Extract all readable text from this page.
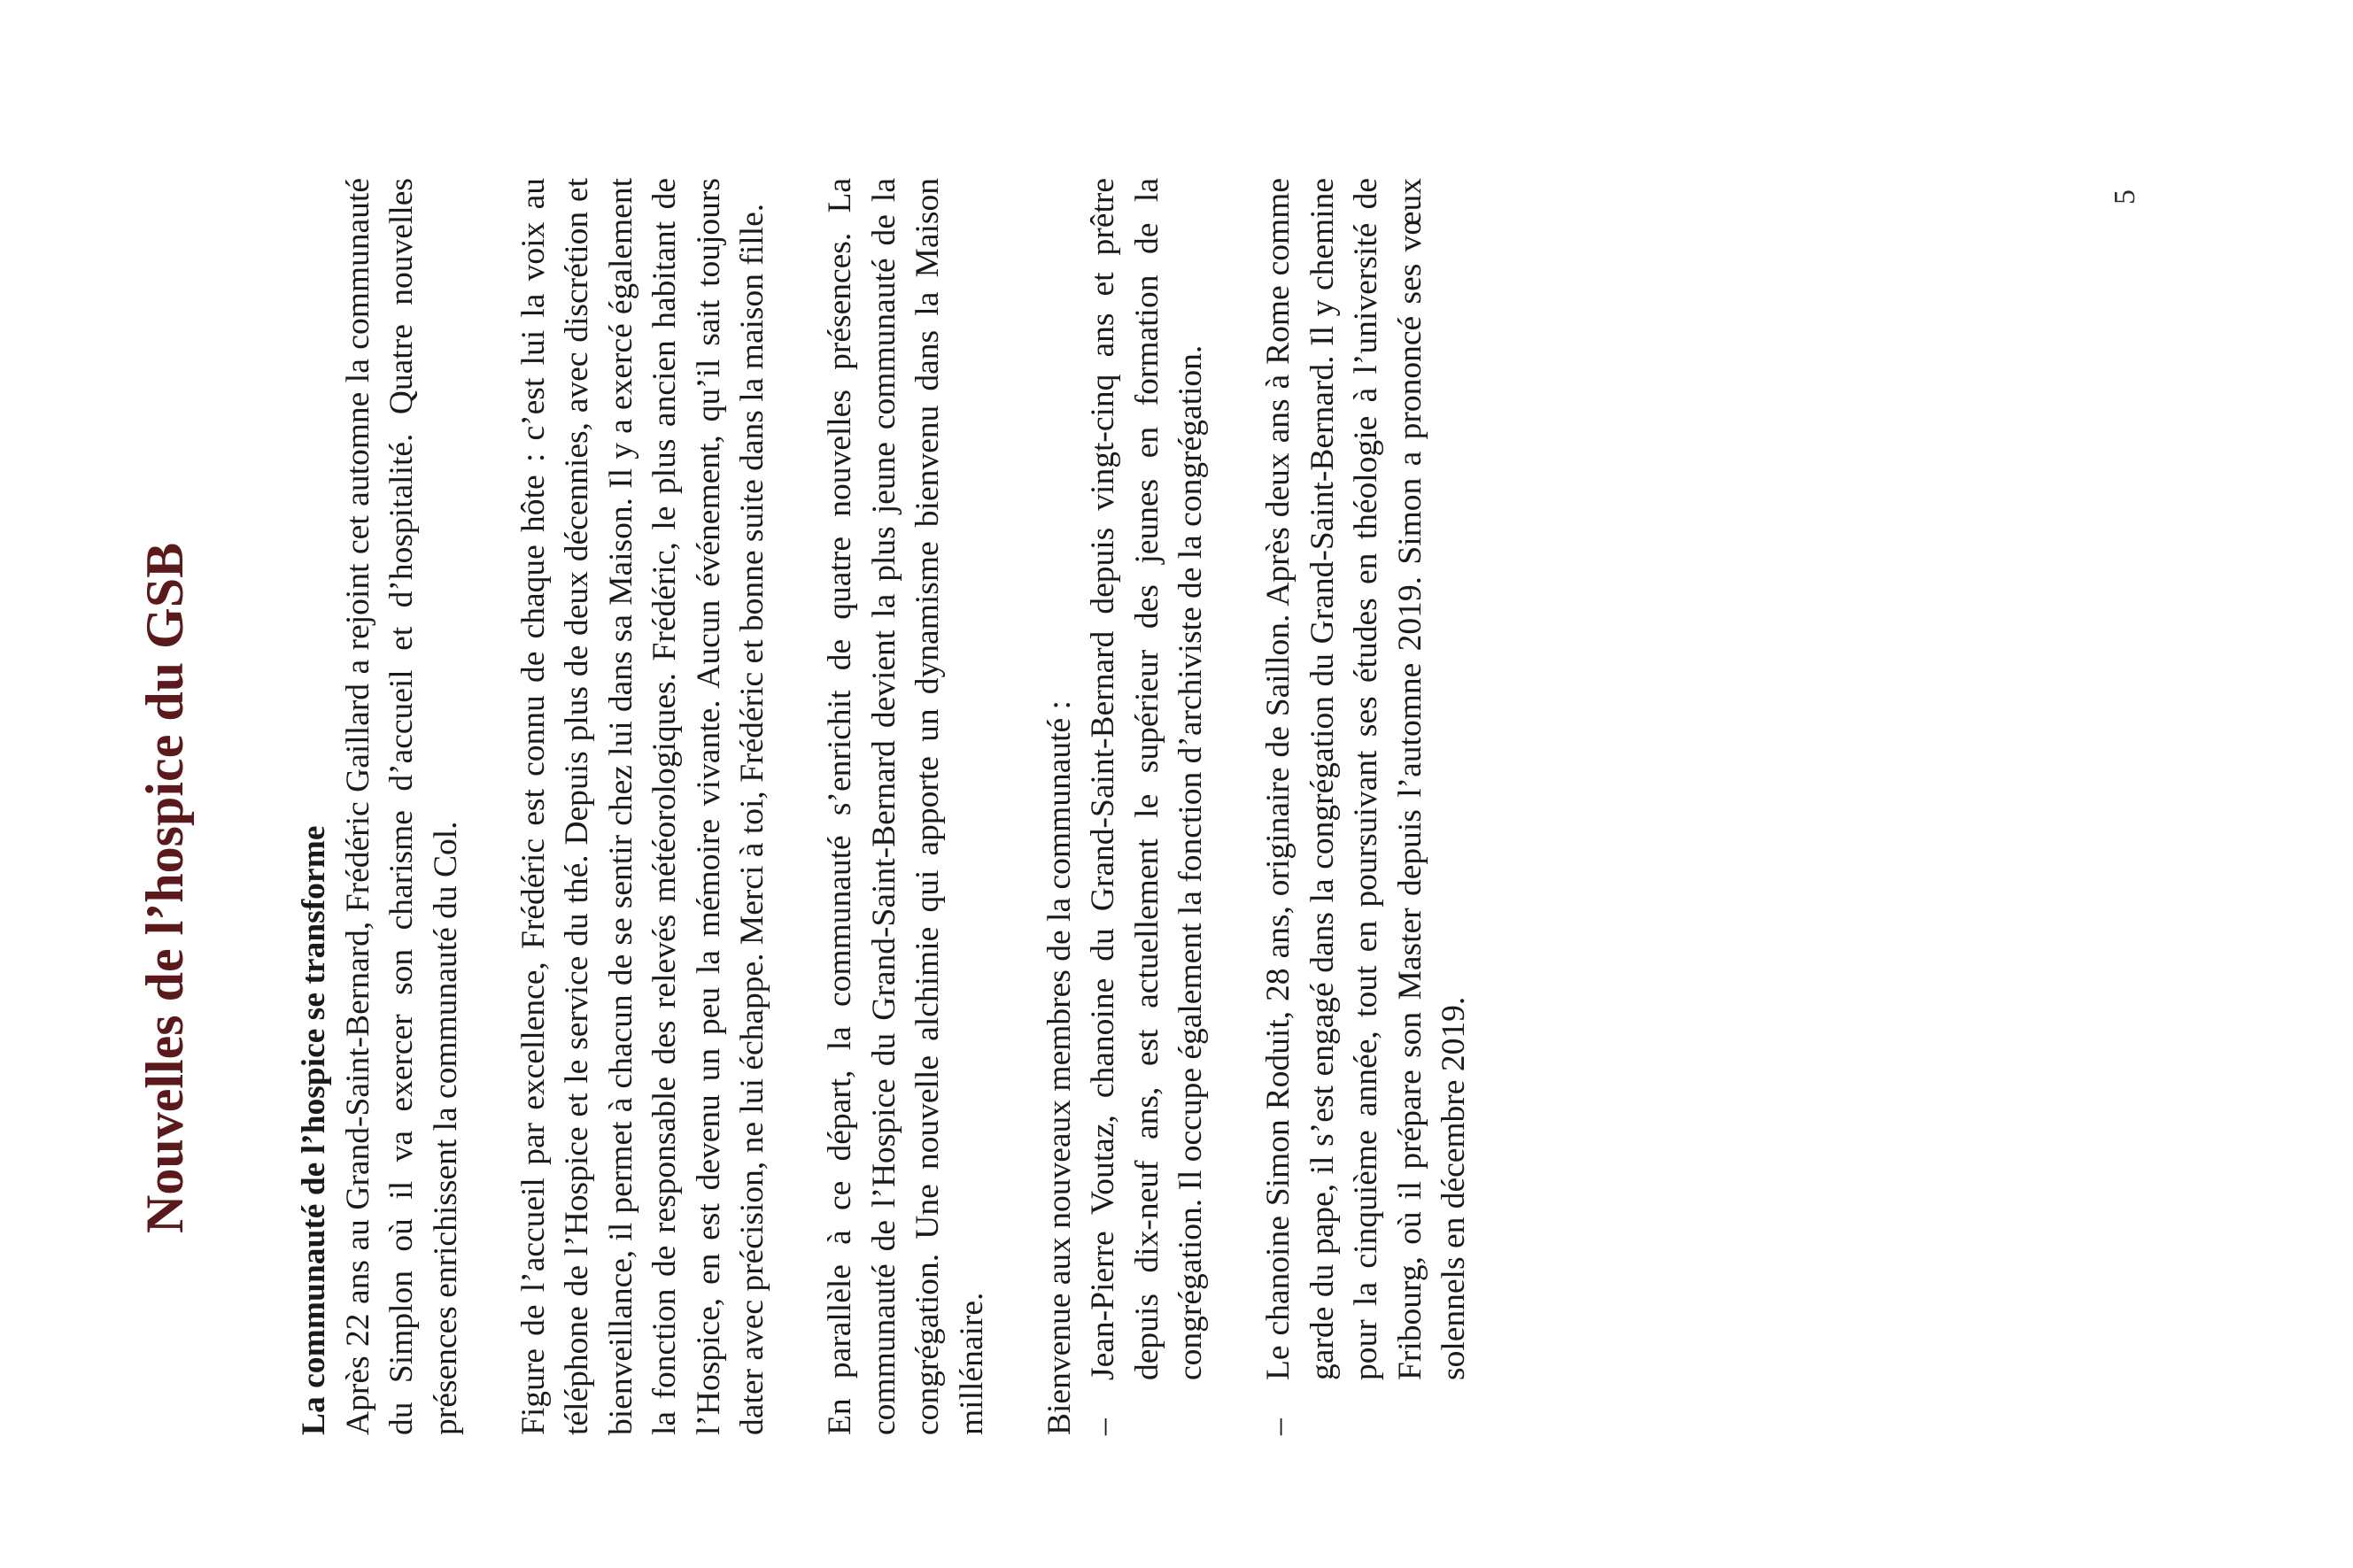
Nouvelles de l’hospice du GSB	La communauté de l’hospice se transforme Après 22 ans au Grand-Saint-Bernard, Frédéric Gaillard a rejoint cet automne la communauté du Simplon où il va exercer son charisme d’accueil et d’hospitalité. Quatre nouvelles présences enrichissent la communauté du Col. Figure de l’accueil par excellence, Frédéric est connu de chaque hôte : c’est lui la voix au téléphone de l’Hospice et le service du thé. Depuis plus de deux décennies, avec discrétion et bienveillance, il permet à chacun de se sentir chez lui dans sa Maison. Il y a exercé également la fonction de responsable des relevés météorologiques. Frédéric, le plus ancien habitant de l’Hospice, en est devenu un peu la mémoire vivante. Aucun événement, qu’il sait toujours dater avec précision, ne lui échappe. Merci à toi, Frédéric et bonne suite dans la maison fille. En parallèle à ce départ, la communauté s’enrichit de quatre nouvelles présences. La communauté de l’Hospice du Grand-Saint-Bernard devient la plus jeune communauté de la congrégation. Une nouvelle alchimie qui apporte un dynamisme bienvenu dans la Maison millénaire. Bienvenue aux nouveaux membres de la communauté : –
Jean-Pierre Voutaz, chanoine du Grand-Saint-Bernard depuis vingt-cinq ans et prêtre depuis dix-neuf ans, est actuellement le supérieur des jeunes en formation de la congrégation. Il occupe également la fonction d’archiviste de la congrégation.
–
Le chanoine Simon Roduit, 28 ans, originaire de Saillon. Après deux ans à Rome comme garde du pape, il s’est engagé dans la congrégation du Grand-Saint-Bernard. Il y chemine pour la cinquième année, tout en poursuivant ses études en théologie à l’université de Fribourg, où il prépare son Master depuis l’automne 2019. Simon a prononcé ses vœux solennels en décembre 2019.
5
